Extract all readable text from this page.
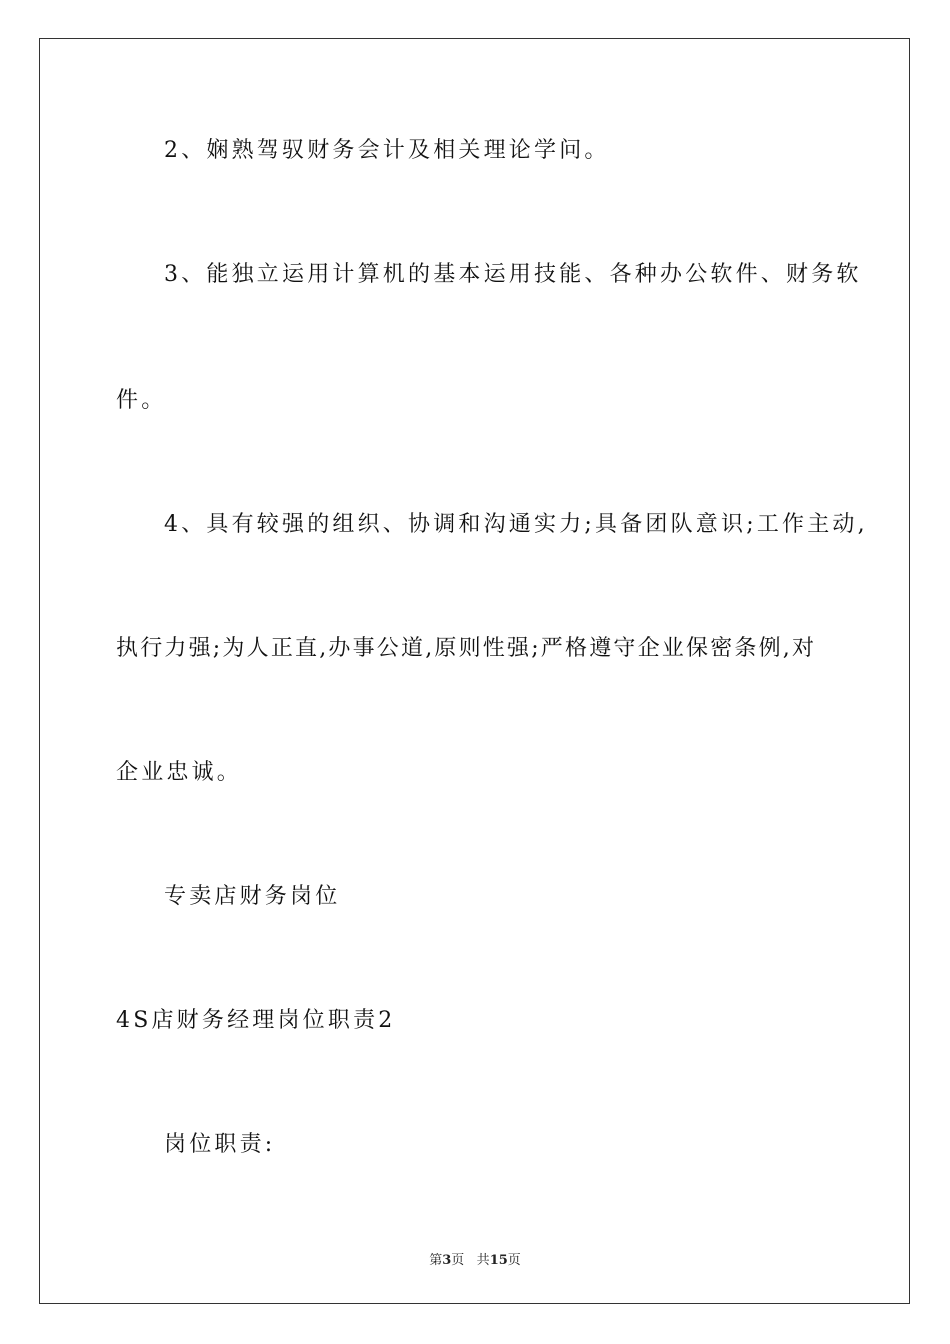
2、娴熟驾驭财务会计及相关理论学问。
3、能独立运用计算机的基本运用技能、各种办公软件、财务软
件。
4、具有较强的组织、协调和沟通实力;具备团队意识;工作主动,
执行力强;为人正直,办事公道,原则性强;严格遵守企业保密条例,对
企业忠诚。
专卖店财务岗位
4S店财务经理岗位职责2
岗位职责:
第3页 共15页
